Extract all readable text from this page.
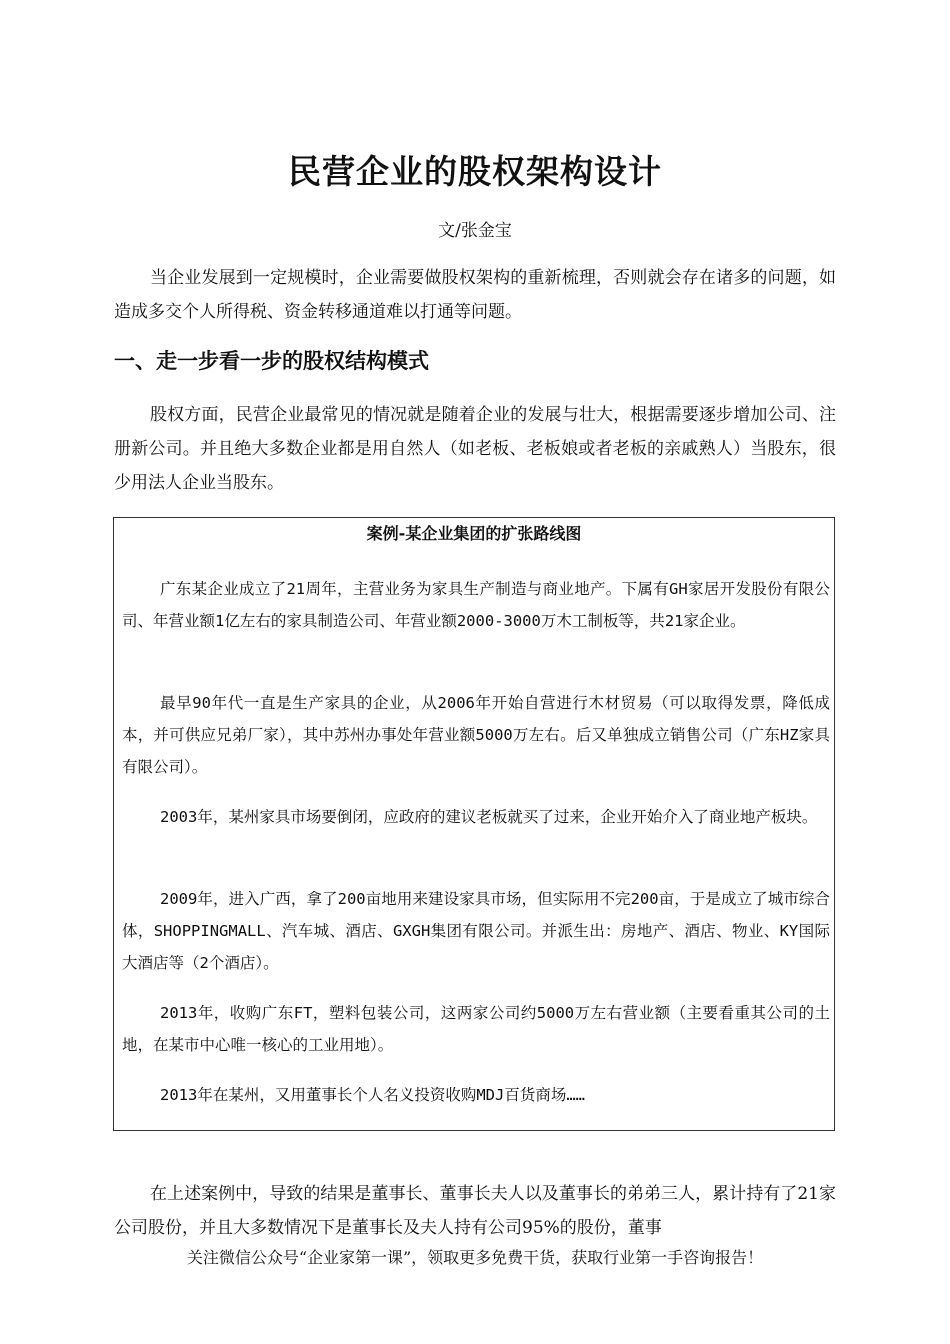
民营企业的股权架构设计

文/张金宝

当企业发展到一定规模时，企业需要做股权架构的重新梳理，否则就会存在诸多的问题，如造成多交个人所得税、资金转移通道难以打通等问题。

一、走一步看一步的股权结构模式

股权方面，民营企业最常见的情况就是随着企业的发展与壮大，根据需要逐步增加公司、注册新公司。并且绝大多数企业都是用自然人（如老板、老板娘或者老板的亲戚熟人）当股东，很少用法人企业当股东。

案例-某企业集团的扩张路线图

广东某企业成立了21周年，主营业务为家具生产制造与商业地产。下属有GH家居开发股份有限公司、年营业额1亿左右的家具制造公司、年营业额2000-3000万木工制板等，共21家企业。

最早90年代一直是生产家具的企业，从2006年开始自营进行木材贸易（可以取得发票，降低成本，并可供应兄弟厂家），其中苏州办事处年营业额5000万左右。后又单独成立销售公司（广东HZ家具有限公司）。

2003年，某州家具市场要倒闭，应政府的建议老板就买了过来，企业开始介入了商业地产板块。

2009年，进入广西，拿了200亩地用来建设家具市场，但实际用不完200亩，于是成立了城市综合体，SHOPPINGMALL、汽车城、酒店、GXGH集团有限公司。并派生出：房地产、酒店、物业、KY国际大酒店等（2个酒店）。

2013年，收购广东FT，塑料包装公司，这两家公司约5000万左右营业额（主要看重其公司的土地，在某市中心唯一核心的工业用地）。

2013年在某州，又用董事长个人名义投资收购MDJ百货商场……

在上述案例中，导致的结果是董事长、董事长夫人以及董事长的弟弟三人，累计持有了21家公司股份，并且大多数情况下是董事长及夫人持有公司95%的股份，董事

关注微信公众号“企业家第一课”，领取更多免费干货，获取行业第一手咨询报告！
